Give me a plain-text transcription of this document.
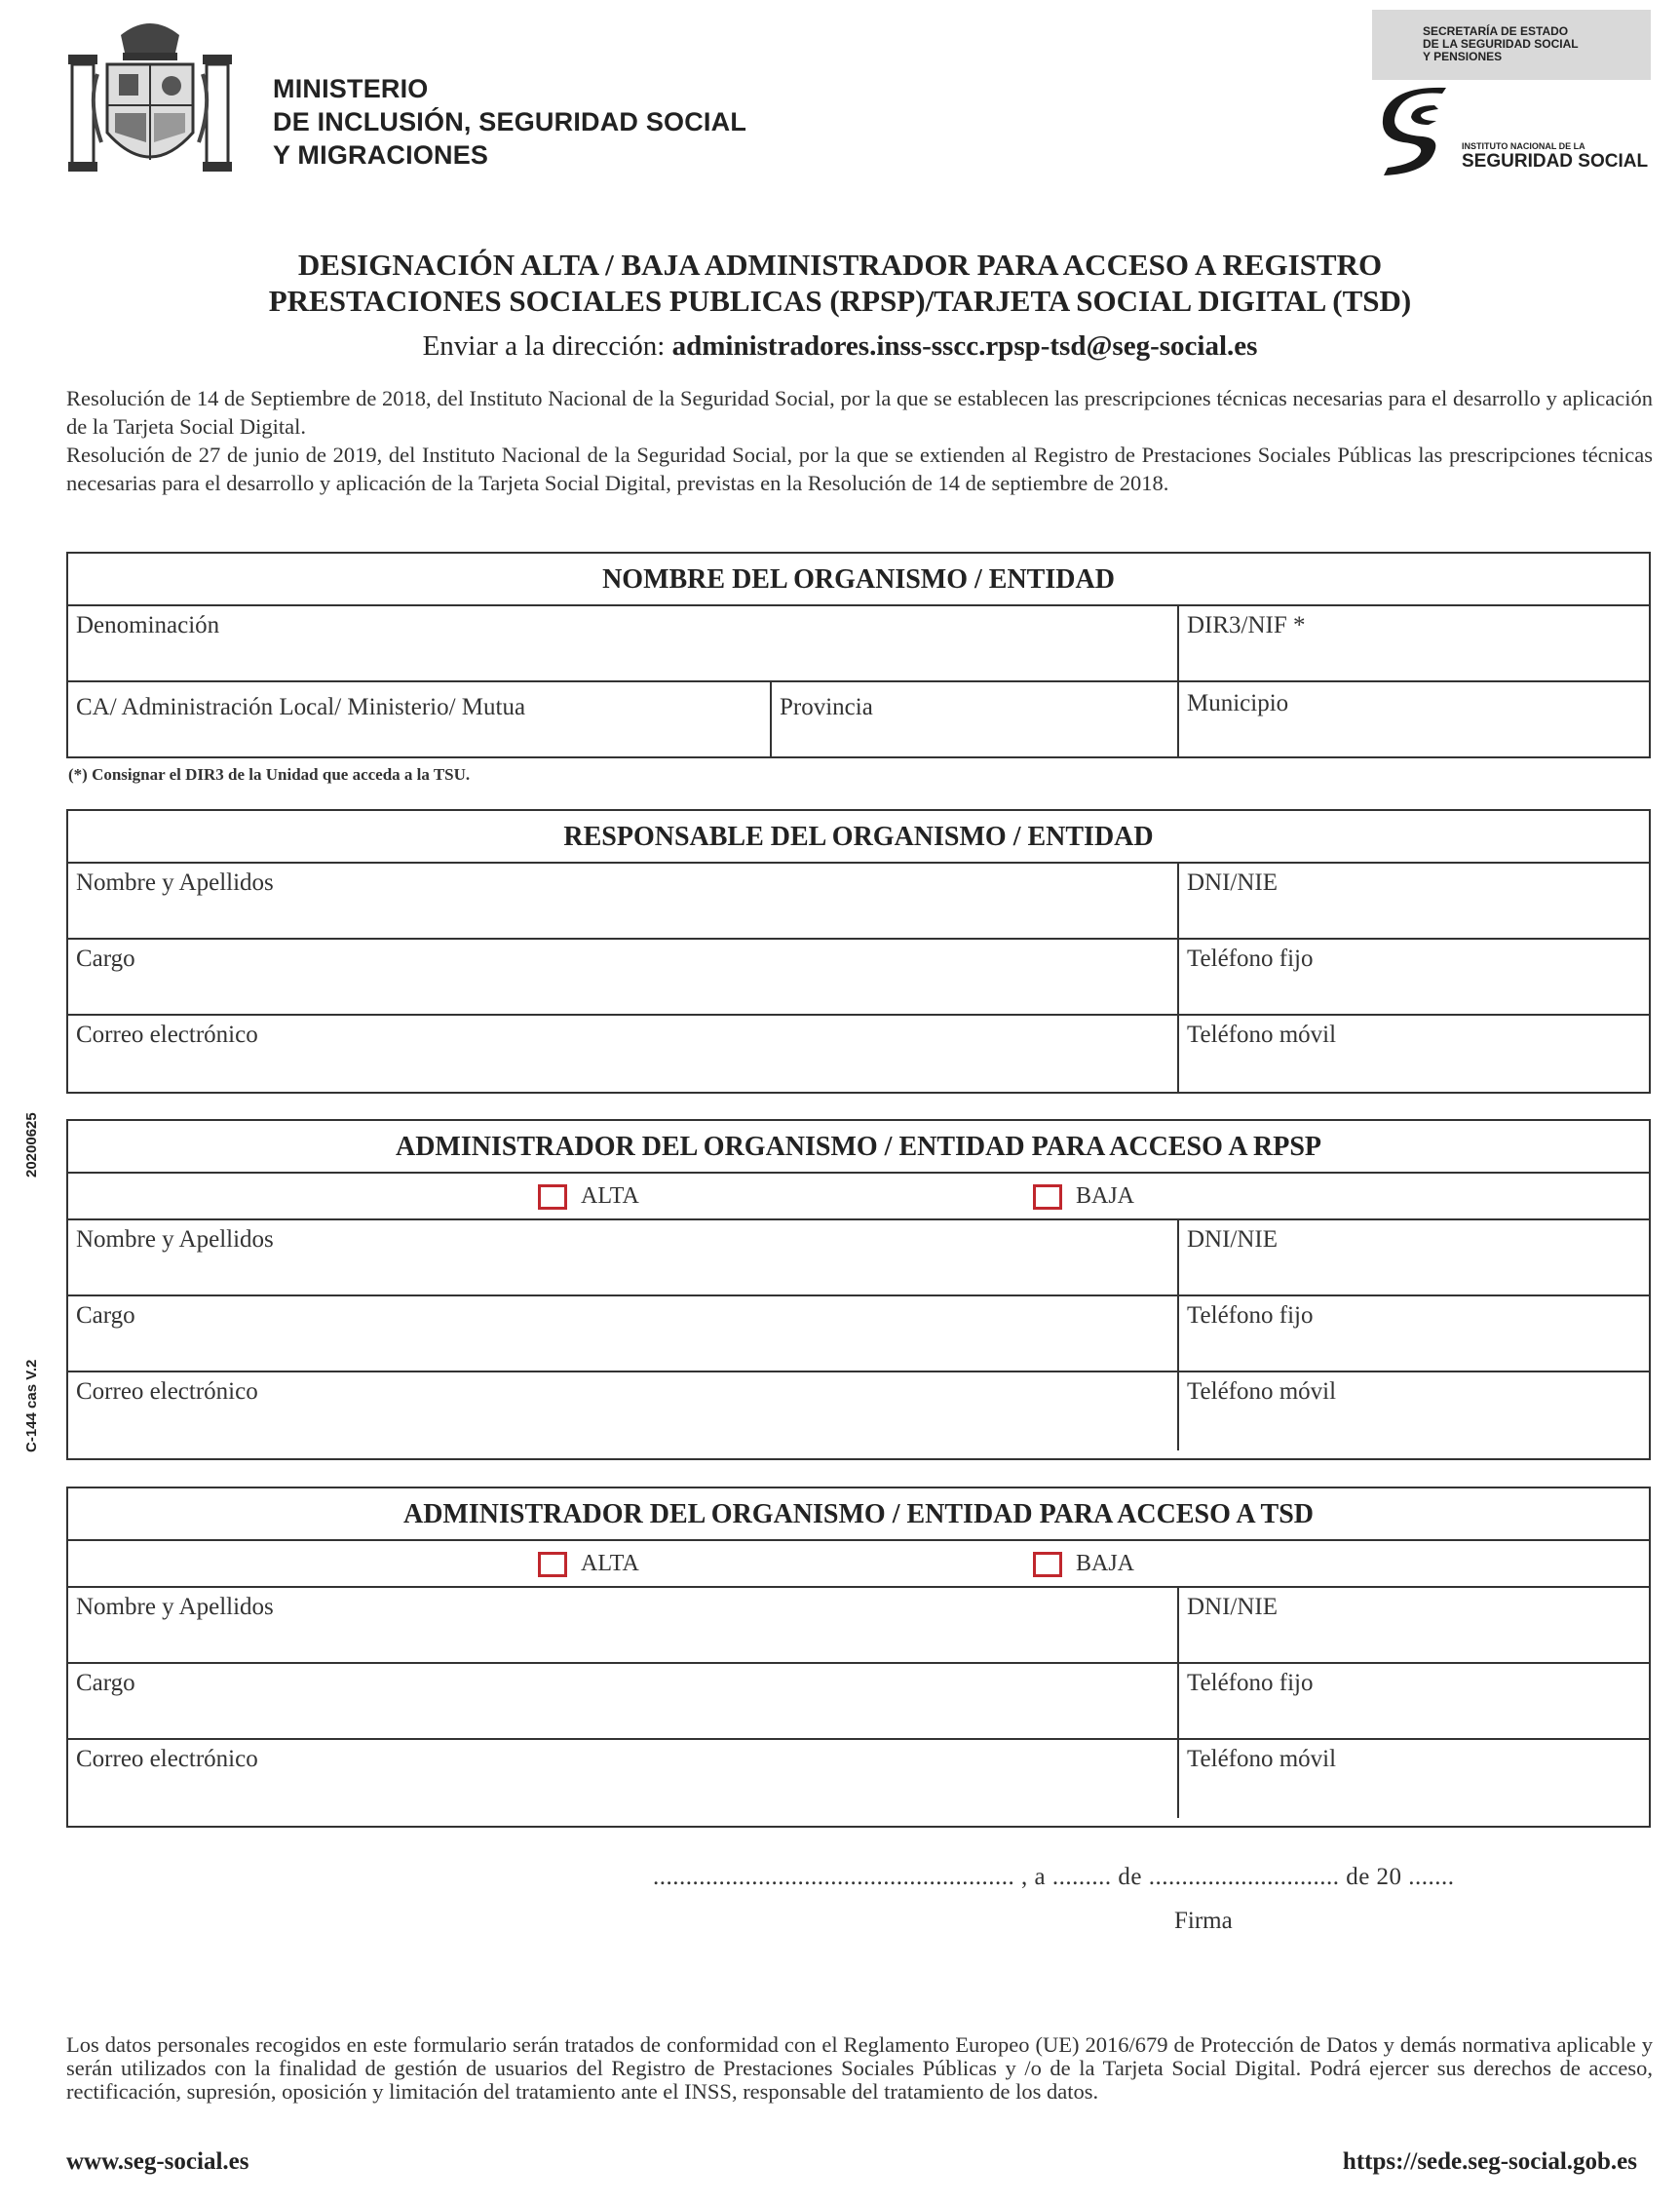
MINISTERIO
DE INCLUSIÓN, SEGURIDAD SOCIAL
Y MIGRACIONES
SECRETARÍA DE ESTADO
DE LA SEGURIDAD SOCIAL
Y PENSIONES
INSTITUTO NACIONAL DE LA
SEGURIDAD SOCIAL
DESIGNACIÓN ALTA / BAJA ADMINISTRADOR PARA ACCESO A REGISTRO
PRESTACIONES SOCIALES PUBLICAS (RPSP)/TARJETA SOCIAL DIGITAL (TSD)
Enviar a la dirección: administradores.inss-sscc.rpsp-tsd@seg-social.es

Resolución de 14 de Septiembre de 2018, del Instituto Nacional de la Seguridad Social, por la que se establecen las prescripciones técnicas necesarias para el desarrollo y aplicación de la Tarjeta Social Digital.

Resolución de 27 de junio de 2019, del Instituto Nacional de la Seguridad Social, por la que se extienden al Registro de Prestaciones Sociales Públicas las prescripciones técnicas necesarias para el desarrollo y aplicación de la Tarjeta Social Digital, previstas en la Resolución de 14 de septiembre de 2018.

NOMBRE DEL ORGANISMO / ENTIDAD
Denominación	DIR3/NIF *
CA/ Administración Local/ Ministerio/ Mutua	Provincia	Municipio
(*) Consignar el DIR3 de la Unidad que acceda a la TSU.
RESPONSABLE DEL ORGANISMO / ENTIDAD
Nombre y Apellidos	DNI/NIE
Cargo	Teléfono fijo
Correo electrónico	Teléfono móvil
ADMINISTRADOR DEL ORGANISMO / ENTIDAD PARA ACCESO A RPSP
ALTA	BAJA
Nombre y Apellidos	DNI/NIE
Cargo	Teléfono fijo
Correo electrónico	Teléfono móvil
ADMINISTRADOR DEL ORGANISMO / ENTIDAD PARA ACCESO A TSD
ALTA	BAJA
Nombre y Apellidos	DNI/NIE
Cargo	Teléfono fijo
Correo electrónico	Teléfono móvil
20200625
C-144 cas V.2
....................................................... , a ......... de ............................. de 20 .......
Firma
Los datos personales recogidos en este formulario serán tratados de conformidad con el Reglamento Europeo (UE) 2016/679 de Protección de Datos y demás normativa aplicable y serán utilizados con la finalidad de gestión de usuarios del Registro de Prestaciones Sociales Públicas y /o de la Tarjeta Social Digital. Podrá ejercer sus derechos de acceso, rectificación, supresión, oposición y limitación del tratamiento ante el INSS, responsable del tratamiento de los datos.
www.seg-social.es	https://sede.seg-social.gob.es
